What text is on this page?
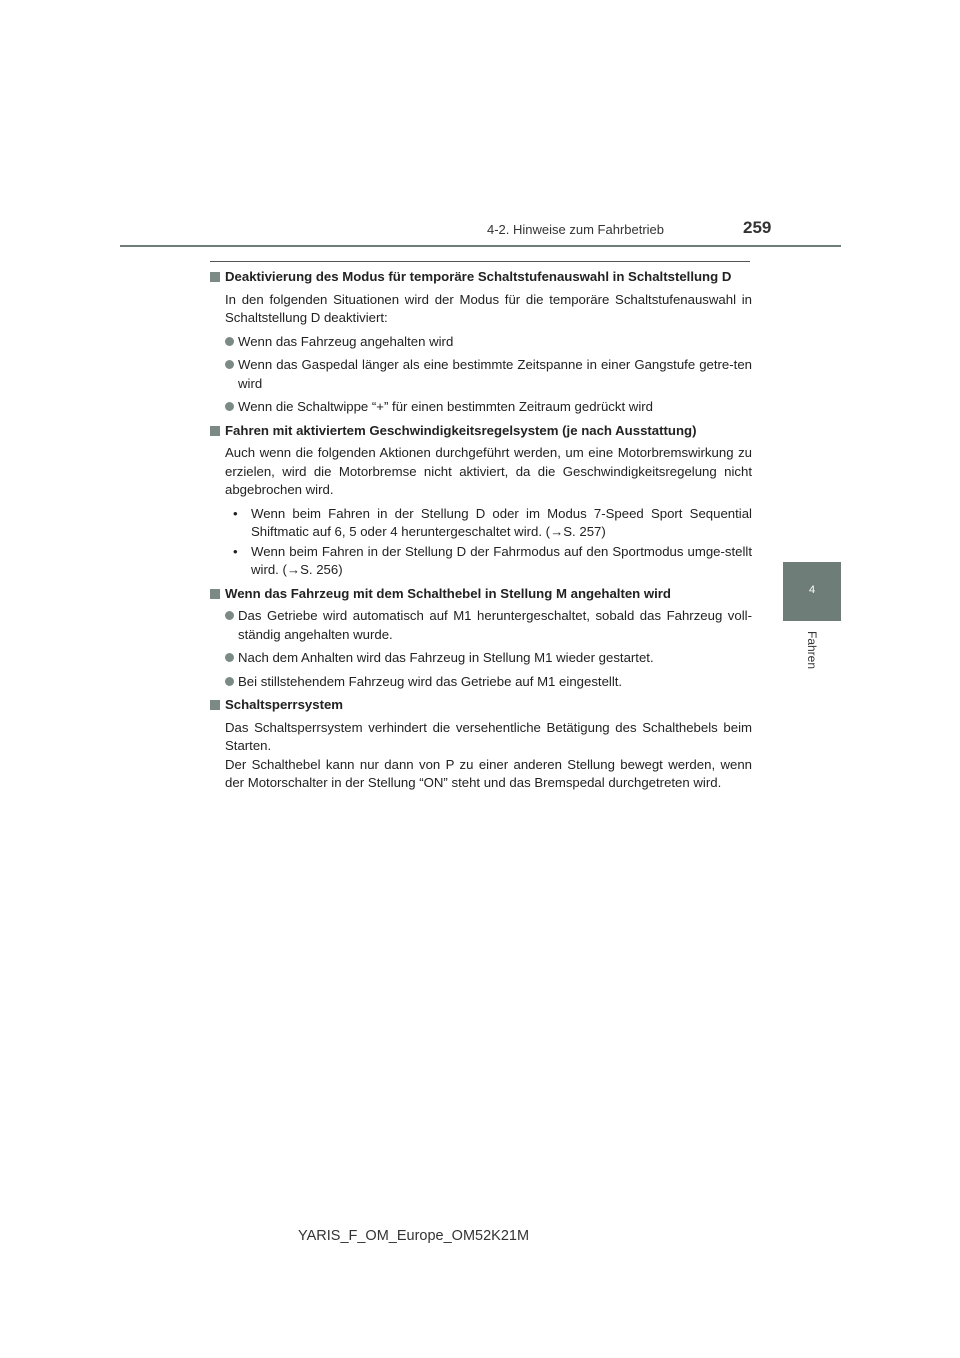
4-2. Hinweise zum Fahrbetrieb	259
4
Fahren
Deaktivierung des Modus für temporäre Schaltstufenauswahl in Schaltstellung D
In den folgenden Situationen wird der Modus für die temporäre Schaltstufenauswahl in Schaltstellung D deaktiviert:
Wenn das Fahrzeug angehalten wird
Wenn das Gaspedal länger als eine bestimmte Zeitspanne in einer Gangstufe getre-ten wird
Wenn die Schaltwippe “+” für einen bestimmten Zeitraum gedrückt wird
Fahren mit aktiviertem Geschwindigkeitsregelsystem (je nach Ausstattung)
Auch wenn die folgenden Aktionen durchgeführt werden, um eine Motorbremswirkung zu erzielen, wird die Motorbremse nicht aktiviert, da die Geschwindigkeitsregelung nicht abgebrochen wird.
• Wenn beim Fahren in der Stellung D oder im Modus 7-Speed Sport Sequential Shiftmatic auf 6, 5 oder 4 heruntergeschaltet wird. (→S. 257)
• Wenn beim Fahren in der Stellung D der Fahrmodus auf den Sportmodus umge-stellt wird. (→S. 256)
Wenn das Fahrzeug mit dem Schalthebel in Stellung M angehalten wird
Das Getriebe wird automatisch auf M1 heruntergeschaltet, sobald das Fahrzeug voll-ständig angehalten wurde.
Nach dem Anhalten wird das Fahrzeug in Stellung M1 wieder gestartet.
Bei stillstehendem Fahrzeug wird das Getriebe auf M1 eingestellt.
Schaltsperrsystem
Das Schaltsperrsystem verhindert die versehentliche Betätigung des Schalthebels beim Starten.
Der Schalthebel kann nur dann von P zu einer anderen Stellung bewegt werden, wenn der Motorschalter in der Stellung “ON” steht und das Bremspedal durchgetreten wird.
YARIS_F_OM_Europe_OM52K21M
